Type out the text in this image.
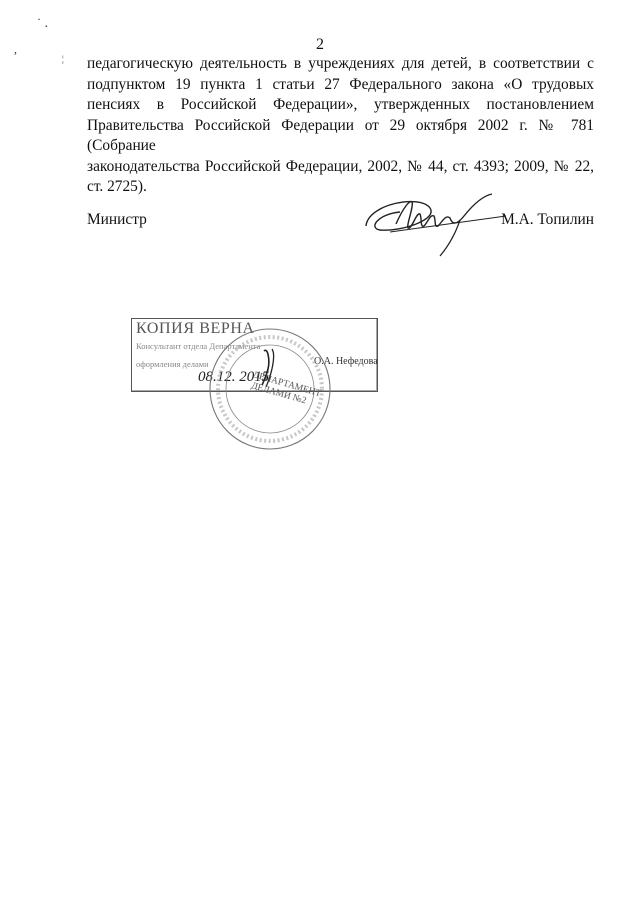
2
педагогическую деятельность в учреждениях для детей, в соответствии с
подпунктом 19 пункта 1 статьи 27 Федерального закона «О трудовых
пенсиях в Российской Федерации», утвержденных постановлением
Правительства Российской Федерации от 29 октября 2002 г. № 781 (Собрание
законодательства Российской Федерации, 2002, № 44, ст. 4393; 2009, № 22,
ст. 2725).
Министр	М.А. Топилин
КОПИЯ ВЕРНА
Консультант отдела Департамента
оформления делами	О.А. Нефедова
08.12. 2015
ДЕПАРТАМЕНТ ДЕЛАМИ №2
·
·
,
¦
